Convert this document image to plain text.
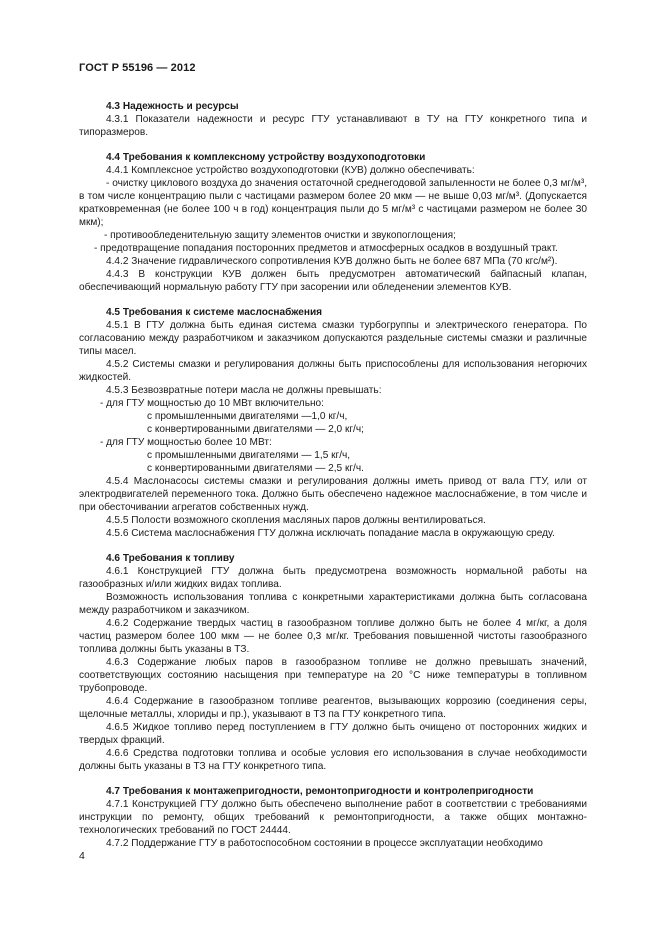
ГОСТ Р 55196 — 2012

4.3 Надежность и ресурсы

4.3.1 Показатели надежности и ресурс ГТУ устанавливают в ТУ на ГТУ конкретного типа и типоразмеров.

4.4 Требования к комплексному устройству воздухоподготовки

4.4.1 Комплексное устройство воздухоподготовки (КУВ) должно обеспечивать:

- очистку циклового воздуха до значения остаточной среднегодовой запыленности не более 0,3 мг/м³, в том числе концентрацию пыли с частицами размером более 20 мкм — не выше 0,03 мг/м³. (Допускается кратковременная (не более 100 ч в год) концентрация пыли до 5 мг/м³ с частицами размером не более 30 мкм);

- противообледенительную защиту элементов очистки и звукопоглощения;

- предотвращение попадания посторонних предметов и атмосферных осадков в воздушный тракт.

4.4.2 Значение гидравлического сопротивления КУВ должно быть не более 687 МПа (70 кгс/м²).

4.4.3 В конструкции КУВ должен быть предусмотрен автоматический байпасный клапан, обеспечивающий нормальную работу ГТУ при засорении или обледенении элементов КУВ.

4.5 Требования к системе маслоснабжения

4.5.1 В ГТУ должна быть единая система смазки турбогруппы и электрического генератора. По согласованию между разработчиком и заказчиком допускаются раздельные системы смазки и различные типы масел.

4.5.2 Системы смазки и регулирования должны быть приспособлены для использования негорючих жидкостей.

4.5.3 Безвозвратные потери масла не должны превышать:

- для ГТУ мощностью до 10 МВт включительно:

с промышленными двигателями —1,0 кг/ч,

с конвертированными двигателями — 2,0 кг/ч;

- для ГТУ мощностью более 10 МВт:

с промышленными двигателями — 1,5 кг/ч,

с конвертированными двигателями — 2,5 кг/ч.

4.5.4 Маслонасосы системы смазки и регулирования должны иметь привод от вала ГТУ, или от электродвигателей переменного тока. Должно быть обеспечено надежное маслоснабжение, в том числе и при обесточивании агрегатов собственных нужд.

4.5.5 Полости возможного скопления масляных паров должны вентилироваться.

4.5.6 Система маслоснабжения ГТУ должна исключать попадание масла в окружающую среду.

4.6 Требования к топливу

4.6.1 Конструкцией ГТУ должна быть предусмотрена возможность нормальной работы на газообразных и/или жидких видах топлива.

Возможность использования топлива с конкретными характеристиками должна быть согласована между разработчиком и заказчиком.

4.6.2 Содержание твердых частиц в газообразном топливе должно быть не более 4 мг/кг, а доля частиц размером более 100 мкм — не более 0,3 мг/кг. Требования повышенной чистоты газообразного топлива должны быть указаны в ТЗ.

4.6.3 Содержание любых паров в газообразном топливе не должно превышать значений, соответствующих состоянию насыщения при температуре на 20 °С ниже температуры в топливном трубопроводе.

4.6.4 Содержание в газообразном топливе реагентов, вызывающих коррозию (соединения серы, щелочные металлы, хлориды и пр.), указывают в ТЗ па ГТУ конкретного типа.

4.6.5 Жидкое топливо перед поступлением в ГТУ должно быть очищено от посторонних жидких и твердых фракций.

4.6.6 Средства подготовки топлива и особые условия его использования в случае необходимости должны быть указаны в ТЗ на ГТУ конкретного типа.

4.7 Требования к монтажепригодности, ремонтопригодности и контролепригодности

4.7.1 Конструкцией ГТУ должно быть обеспечено выполнение работ в соответствии с требованиями инструкции по ремонту, общих требований к ремонтопригодности, а также общих монтажно-технологических требований по ГОСТ 24444.

4.7.2 Поддержание ГТУ в работоспособном состоянии в процессе эксплуатации необходимо

4
